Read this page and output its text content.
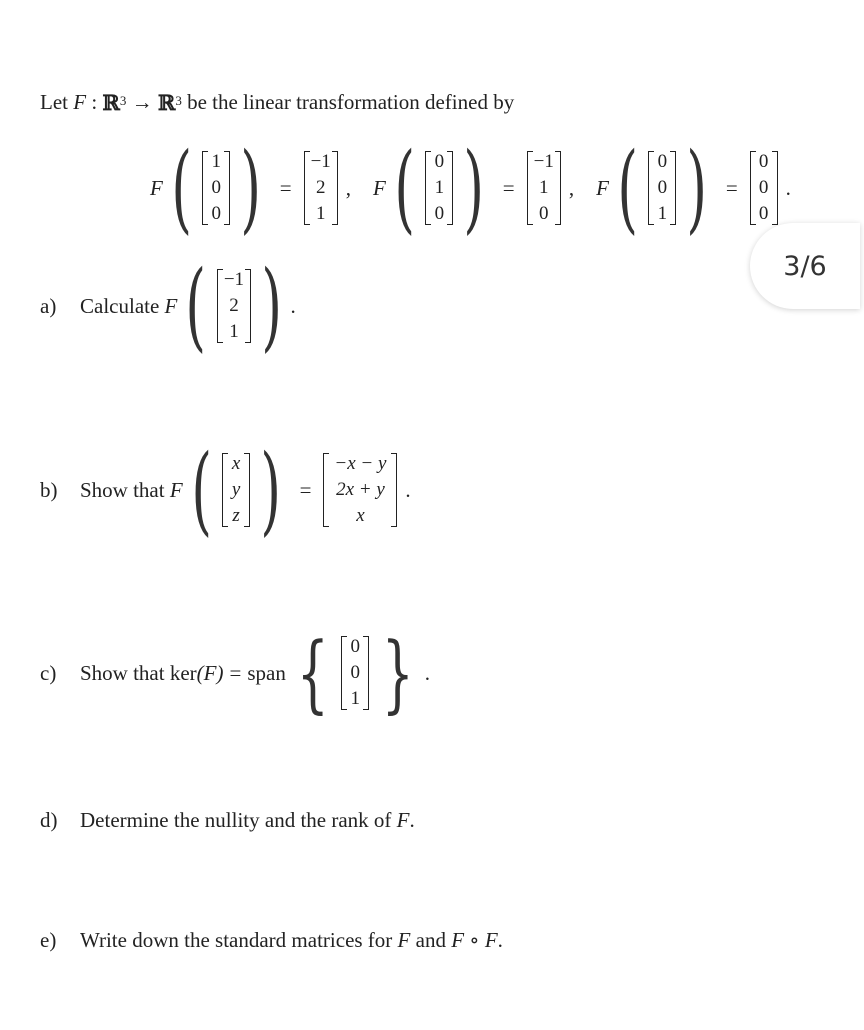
Let
F
:
ℝ$^3$
→
ℝ$^3$
be the linear transformation defined by
F ( 1
0
0 ) =
−1
2
1
, F ( 0
1
0 ) =
−1
1
0
, F ( 0
0
1 ) =
0
0
0
.
a)	Calculate
F ( −1
2
1 ) .
b)	Show that
F ( x
y
z ) =
−x − y
2x + y
x
.
c)	Show that ker (F) = span { 0
0
1 } .
d)	Determine the nullity and the rank of
F .
e)	Write down the standard matrices for
F
and
F ∘ F .
3/6
